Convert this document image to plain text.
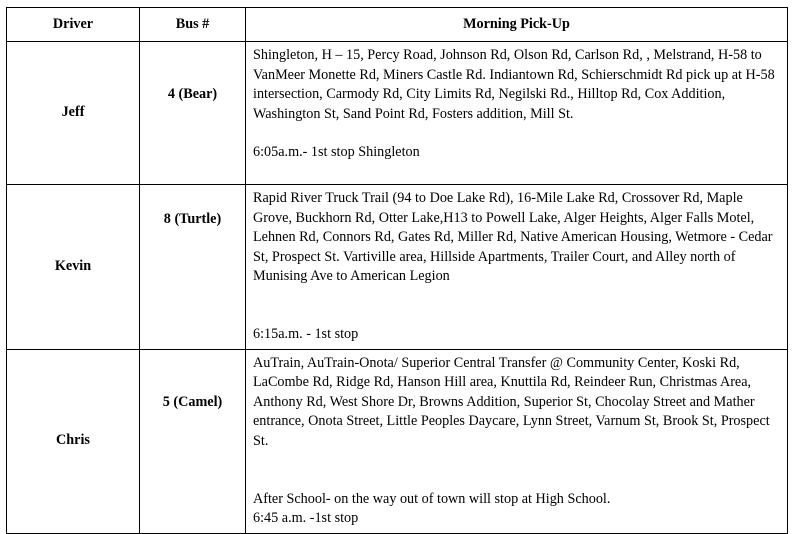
Driver	Bus #	Morning Pick-Up
Jeff	4 (Bear)	Shingleton, H – 15, Percy Road, Johnson Rd, Olson Rd, Carlson Rd, , Melstrand, H-58 to VanMeer Monette Rd, Miners Castle Rd. Indiantown Rd, Schierschmidt Rd pick up at H-58 intersection, Carmody Rd, City Limits Rd, Negilski Rd., Hilltop Rd, Cox Addition, Washington St, Sand Point Rd, Fosters addition, Mill St.
6:05a.m.- 1st stop Shingleton

Kevin	8 (Turtle)	Rapid River Truck Trail (94 to Doe Lake Rd), 16-Mile Lake Rd, Crossover Rd, Maple Grove, Buckhorn Rd, Otter Lake,H13 to Powell Lake, Alger Heights, Alger Falls Motel, Lehnen Rd, Connors Rd, Gates Rd, Miller Rd, Native American Housing, Wetmore - Cedar St, Prospect St. Vartiville area, Hillside Apartments, Trailer Court, and Alley north of Munising Ave to American Legion
6:15a.m. - 1st stop

Chris	5 (Camel)	AuTrain, AuTrain-Onota/ Superior Central Transfer @ Community Center, Koski Rd, LaCombe Rd, Ridge Rd, Hanson Hill area, Knuttila Rd, Reindeer Run, Christmas Area, Anthony Rd, West Shore Dr, Browns Addition, Superior St, Chocolay Street and Mather entrance, Onota Street, Little Peoples Daycare, Lynn Street, Varnum St, Brook St, Prospect St.
After School- on the way out of town will stop at High School.
6:45 a.m. -1st stop
